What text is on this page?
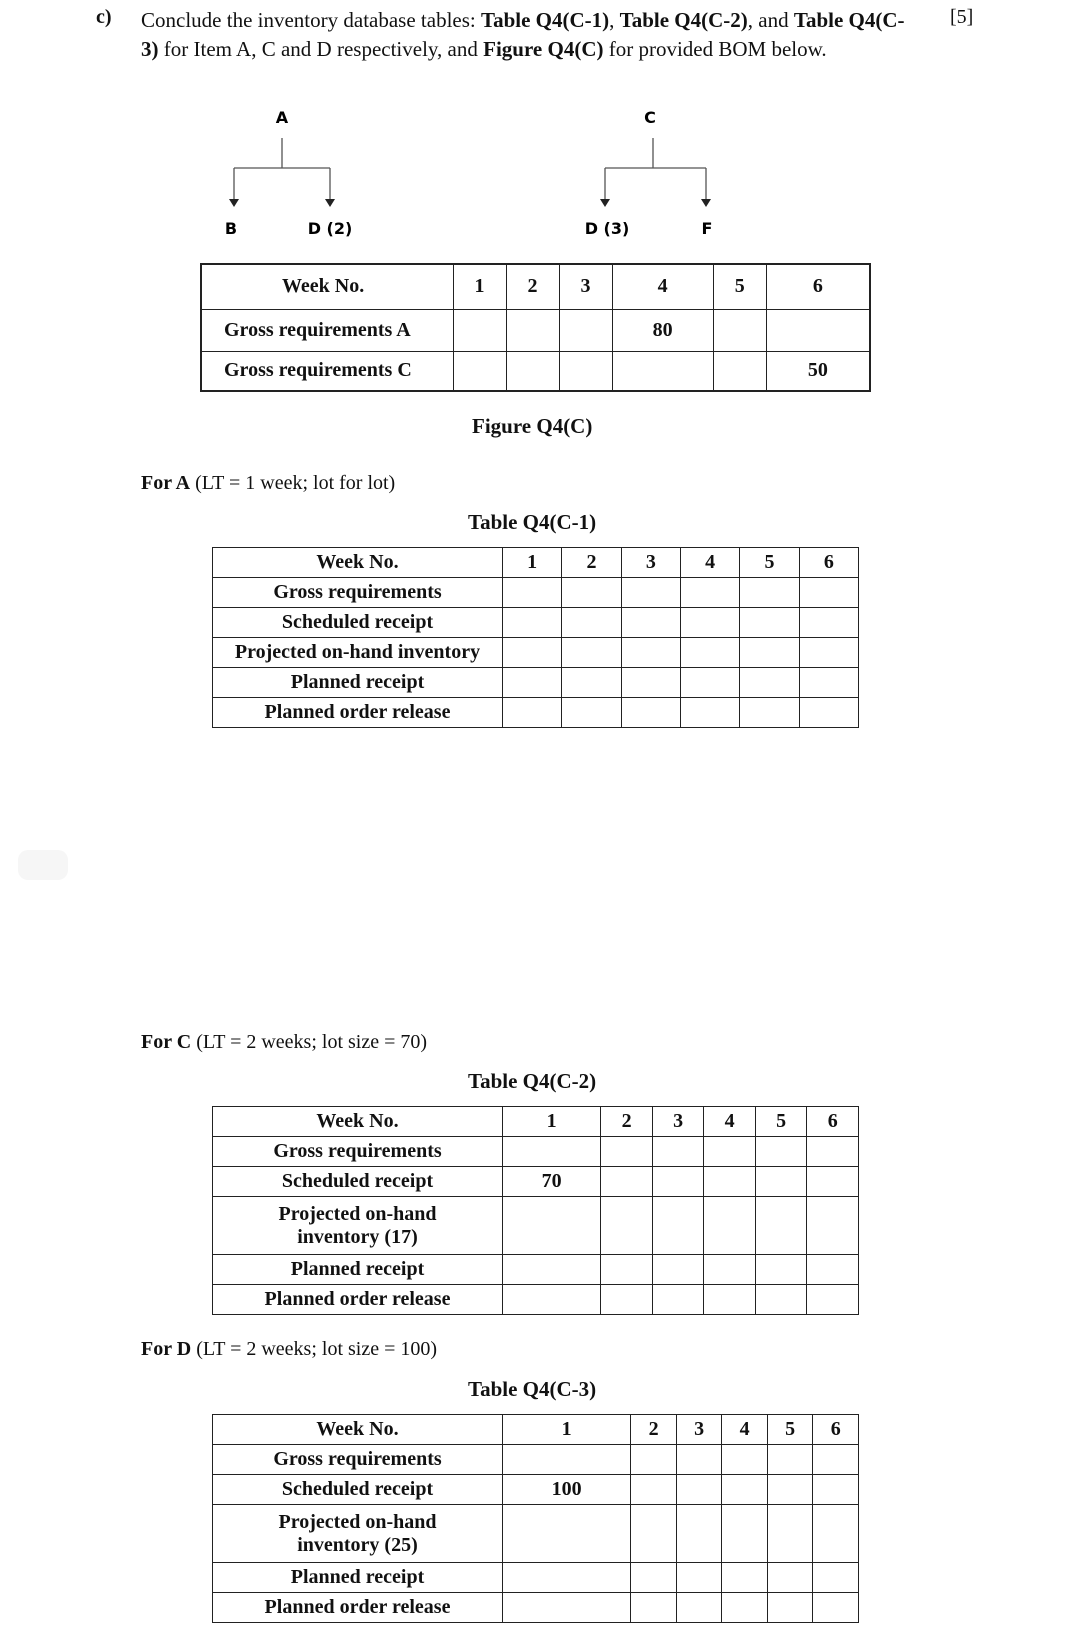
c)	[5]
Conclude the inventory database tables: Table Q4(C-1), Table Q4(C-2), and Table Q4(C-
3) for Item A, C and D respectively, and Figure Q4(C) for provided BOM below.
A
B	D (2)
C
D (3)	F
Week No.	1	2	3	4	5	6
Gross requirements A				80		
Gross requirements C						50
Figure Q4(C)
For A (LT = 1 week; lot for lot)
Table Q4(C-1)
Week No.	1	2	3	4	5	6
Gross requirements						
Scheduled receipt						
Projected on-hand inventory						
Planned receipt						
Planned order release						
For C (LT = 2 weeks; lot size = 70)
Table Q4(C-2)
Week No.	1	2	3	4	5	6
Gross requirements						
Scheduled receipt	70					

Projected on-hand
inventory (17)						

Planned receipt						
Planned order release						
For D (LT = 2 weeks; lot size = 100)
Table Q4(C-3)
Week No.	1	2	3	4	5	6
Gross requirements						
Scheduled receipt	100					

Projected on-hand
inventory (25)						

Planned receipt						
Planned order release						
